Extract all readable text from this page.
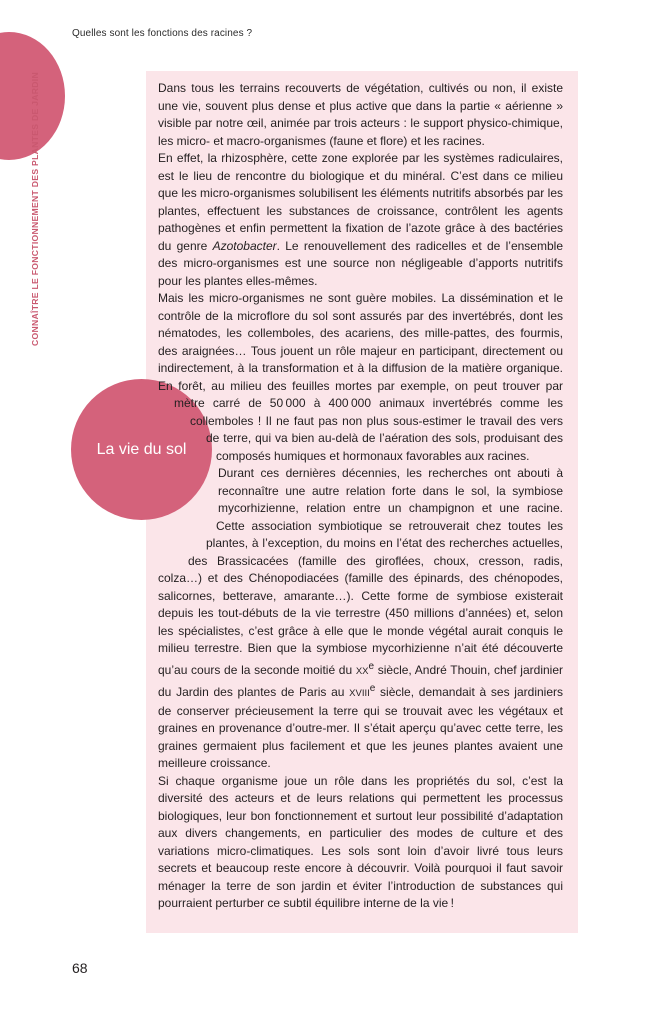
Quelles sont les fonctions des racines ?
CONNAÎTRE LE FONCTIONNEMENT DES PLANTES DE JARDIN
La vie du sol

Dans tous les terrains recouverts de végétation, cultivés ou non, il existe une vie, souvent plus dense et plus active que dans la partie « aérienne » visible par notre œil, animée par trois acteurs : le support physico-chimique, les micro- et macro-organismes (faune et flore) et les racines.

En effet, la rhizosphère, cette zone explorée par les systèmes radiculaires, est le lieu de rencontre du biologique et du minéral. C’est dans ce milieu que les micro-organismes solubilisent les éléments nutritifs absorbés par les plantes, effectuent les substances de croissance, contrôlent les agents pathogènes et enfin permettent la fixation de l’azote grâce à des bactéries du genre Azotobacter. Le renouvellement des radicelles et de l’ensemble des micro-organismes est une source non négligeable d’apports nutritifs pour les plantes elles-mêmes.

Mais les micro-organismes ne sont guère mobiles. La dissémination et le contrôle de la microflore du sol sont assurés par des invertébrés, dont les nématodes, les collemboles, des acariens, des mille-pattes, des fourmis, des araignées… Tous jouent un rôle majeur en participant, directement ou indirectement, à la transformation et à la diffusion de la matière organique. En forêt, au milieu des feuilles mortes par exemple, on peut trouver par mètre carré de 50 000 à 400 000 animaux invertébrés comme les collemboles ! Il ne faut pas non plus sous-estimer le travail des vers de terre, qui va bien au-delà de l’aération des sols, produisant des composés humiques et hormonaux favorables aux racines.

Durant ces dernières décennies, les recherches ont abouti à reconnaître une autre relation forte dans le sol, la symbiose mycorhizienne, relation entre un champignon et une racine. Cette association symbiotique se retrouverait chez toutes les plantes, à l’exception, du moins en l’état des recherches actuelles, des Brassicacées (famille des giroflées, choux, cresson, radis, colza…) et des Chénopodiacées (famille des épinards, des chénopodes, salicornes, betterave, amarante…). Cette forme de symbiose existerait depuis les tout-débuts de la vie terrestre (450 millions d’années) et, selon les spécialistes, c’est grâce à elle que le monde végétal aurait conquis le milieu terrestre. Bien que la symbiose mycorhizienne n’ait été découverte qu’au cours de la seconde moitié du XXe siècle, André Thouin, chef jardinier du Jardin des plantes de Paris au XVIIIe siècle, demandait à ses jardiniers de conserver précieusement la terre qui se trouvait avec les végétaux et graines en provenance d’outre-mer. Il s’était aperçu qu’avec cette terre, les graines germaient plus facilement et que les jeunes plantes avaient une meilleure croissance.

Si chaque organisme joue un rôle dans les propriétés du sol, c’est la diversité des acteurs et de leurs relations qui permettent les processus biologiques, leur bon fonctionnement et surtout leur possibilité d’adaptation aux divers changements, en particulier des modes de culture et des variations micro-climatiques. Les sols sont loin d’avoir livré tous leurs secrets et beaucoup reste encore à découvrir. Voilà pourquoi il faut savoir ménager la terre de son jardin et éviter l’introduction de substances qui pourraient perturber ce subtil équilibre interne de la vie !

68
